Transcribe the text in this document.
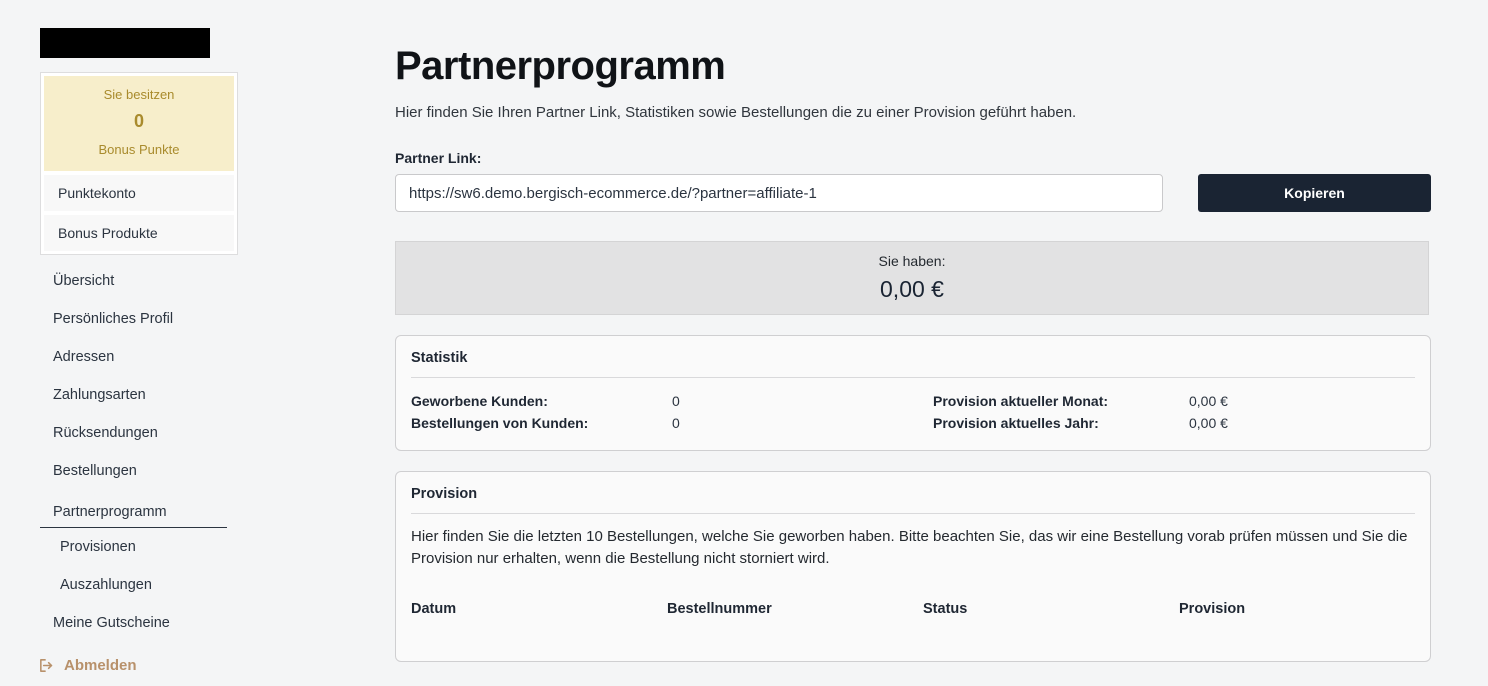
Sie besitzen
0
Bonus Punkte
Punktekonto
Bonus Produkte
Übersicht
Persönliches Profil
Adressen
Zahlungsarten
Rücksendungen
Bestellungen
Partnerprogramm
Provisionen
Auszahlungen
Meine Gutscheine
Abmelden
Partnerprogramm

Hier finden Sie Ihren Partner Link, Statistiken sowie Bestellungen die zu einer Provision geführt haben.

Partner Link:
https://sw6.demo.bergisch-ecommerce.de/?partner=affiliate-1
Kopieren
Sie haben:
0,00 €
Statistik
Geworbene Kunden:	0	Provision aktueller Monat:	0,00 €
Bestellungen von Kunden:	0	Provision aktuelles Jahr:	0,00 €
Provision

Hier finden Sie die letzten 10 Bestellungen, welche Sie geworben haben. Bitte beachten Sie, das wir eine Bestellung vorab prüfen müssen und Sie die Provision nur erhalten, wenn die Bestellung nicht storniert wird.

Datum	Bestellnummer	Status	Provision
